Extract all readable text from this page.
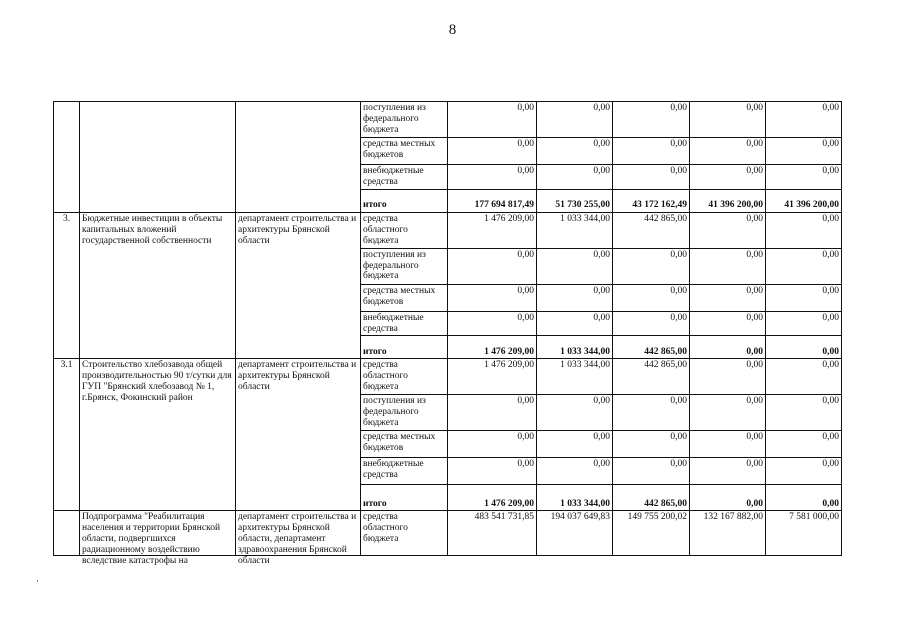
8
			поступления из федерального бюджета	0,00	0,00	0,00	0,00	0,00
			средства местных бюджетов	0,00	0,00	0,00	0,00	0,00
			внебюджетные средства	0,00	0,00	0,00	0,00	0,00
			итого	177 694 817,49	51 730 255,00	43 172 162,49	41 396 200,00	41 396 200,00
3.	Бюджетные инвестиции в объекты капитальных вложений государственной собственности	департамент строительства и архитектуры Брянской области	средства областного бюджета	1 476 209,00	1 033 344,00	442 865,00	0,00	0,00
			поступления из федерального бюджета	0,00	0,00	0,00	0,00	0,00
			средства местных бюджетов	0,00	0,00	0,00	0,00	0,00
			внебюджетные средства	0,00	0,00	0,00	0,00	0,00
			итого	1 476 209,00	1 033 344,00	442 865,00	0,00	0,00
3.1	Строительство хлебозавода общей производительностью 90 т/сутки для ГУП "Брянский хлебозавод № 1, г.Брянск, Фокинский район	департамент строительства и архитектуры Брянской области	средства областного бюджета	1 476 209,00	1 033 344,00	442 865,00	0,00	0,00
			поступления из федерального бюджета	0,00	0,00	0,00	0,00	0,00
			средства местных бюджетов	0,00	0,00	0,00	0,00	0,00
			внебюджетные средства	0,00	0,00	0,00	0,00	0,00
			итого	1 476 209,00	1 033 344,00	442 865,00	0,00	0,00

	Подпрограмма "Реабилитация населения и территории Брянской области, подвергшихся радиационному воздействию вследствие катастрофы на	департамент строительства и архитектуры Брянской области, департамент здравоохранения Брянской области	средства областного бюджета	483 541 731,85	194 037 649,83	149 755 200,02	132 167 882,00	7 581 000,00
·
